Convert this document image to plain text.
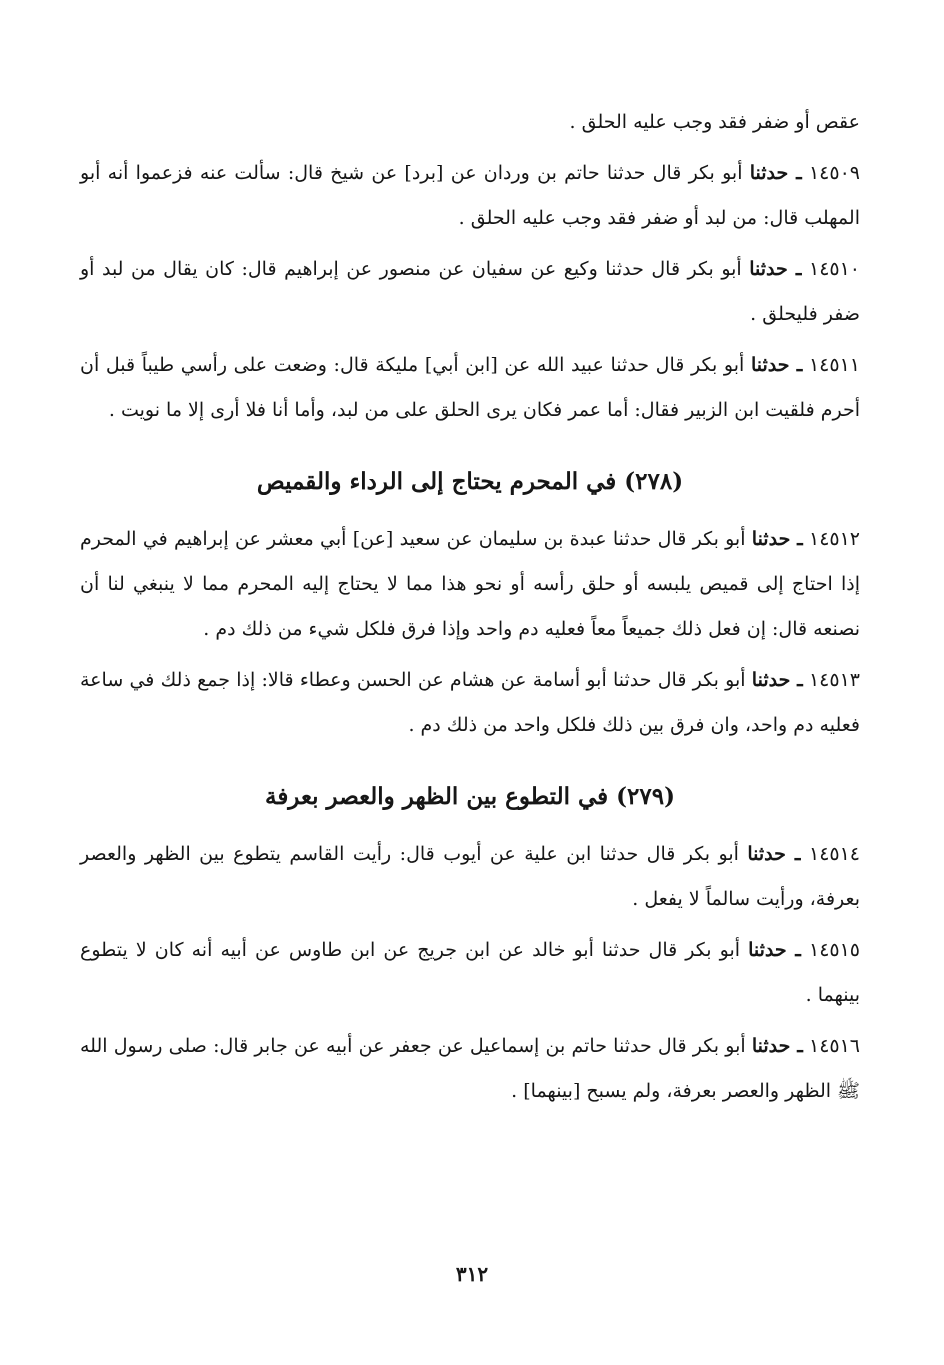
عقص أو ضفر فقد وجب عليه الحلق .

١٤٥٠٩ ـ حدثنا أبو بكر قال حدثنا حاتم بن وردان عن [برد] عن شيخ قال: سألت عنه فزعموا أنه أبو المهلب قال: من لبد أو ضفر فقد وجب عليه الحلق .

١٤٥١٠ ـ حدثنا أبو بكر قال حدثنا وكيع عن سفيان عن منصور عن إبراهيم قال: كان يقال من لبد أو ضفر فليحلق .

١٤٥١١ ـ حدثنا أبو بكر قال حدثنا عبيد الله عن [ابن أبي] مليكة قال: وضعت على رأسي طيباً قبل أن أحرم فلقيت ابن الزبير فقال: أما عمر فكان يرى الحلق على من لبد، وأما أنا فلا أرى إلا ما نويت .

(٢٧٨) في المحرم يحتاج إلى الرداء والقميص

١٤٥١٢ ـ حدثنا أبو بكر قال حدثنا عبدة بن سليمان عن سعيد [عن] أبي معشر عن إبراهيم في المحرم إذا احتاج إلى قميص يلبسه أو حلق رأسه أو نحو هذا مما لا يحتاج إليه المحرم مما لا ينبغي لنا أن نصنعه قال: إن فعل ذلك جميعاً معاً فعليه دم واحد وإذا فرق فلكل شيء من ذلك دم .

١٤٥١٣ ـ حدثنا أبو بكر قال حدثنا أبو أسامة عن هشام عن الحسن وعطاء قالا: إذا جمع ذلك في ساعة فعليه دم واحد، وان فرق بين ذلك فلكل واحد من ذلك دم .

(٢٧٩) في التطوع بين الظهر والعصر بعرفة

١٤٥١٤ ـ حدثنا أبو بكر قال حدثنا ابن علية عن أيوب قال: رأيت القاسم يتطوع بين الظهر والعصر بعرفة، ورأيت سالماً لا يفعل .

١٤٥١٥ ـ حدثنا أبو بكر قال حدثنا أبو خالد عن ابن جريج عن ابن طاوس عن أبيه أنه كان لا يتطوع بينهما .

١٤٥١٦ ـ حدثنا أبو بكر قال حدثنا حاتم بن إسماعيل عن جعفر عن أبيه عن جابر قال: صلى رسول الله ﷺ الظهر والعصر بعرفة، ولم يسبح [بينهما] .

٣١٢
